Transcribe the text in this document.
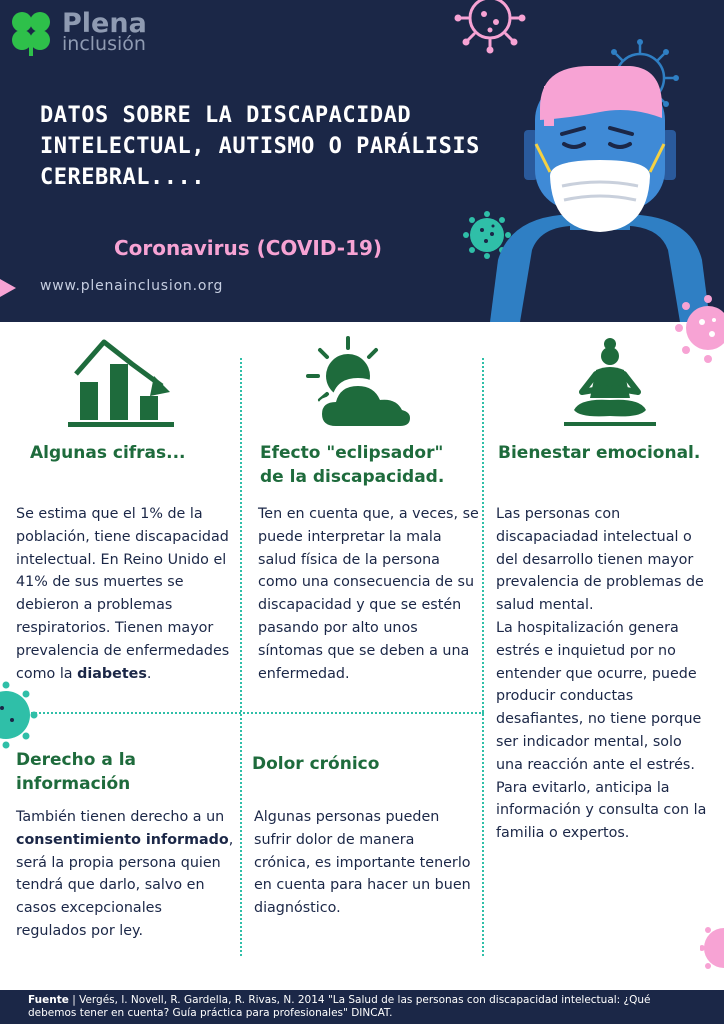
Plena
inclusión
DATOS SOBRE LA DISCAPACIDAD INTELECTUAL, AUTISMO O PARÁLISIS CEREBRAL....
Coronavirus (COVID-19)
www.plenainclusion.org
Algunas cifras...

Se estima que el 1% de la población, tiene discapacidad intelectual. En Reino Unido el 41% de sus muertes se debieron a problemas respiratorios. Tienen mayor prevalencia de enfermedades como la diabetes.

Derecho a la información

También tienen derecho a un consentimiento informado, será la propia persona quien tendrá que darlo, salvo en casos excepcionales regulados por ley.

Efecto "eclipsador" de la discapacidad.

Ten en cuenta que, a veces, se puede interpretar la mala salud física de la persona como una consecuencia de su discapacidad y que se estén pasando por alto unos síntomas que se deben a una enfermedad.

Dolor crónico

Algunas personas pueden sufrir dolor de manera crónica, es importante tenerlo en cuenta para hacer un buen diagnóstico.

Bienestar emocional.
Las personas con discapaciadad intelectual o del desarrollo tienen mayor prevalencia de problemas de salud mental.
La hospitalización genera estrés e inquietud por no entender que ocurre, puede producir conductas desafiantes, no tiene porque ser indicador mental, solo una reacción ante el estrés.
Para evitarlo, anticipa la información y consulta con la familia o expertos.
Fuente | Vergés, l. Novell, R. Gardella, R. Rivas, N. 2014 "La Salud de las personas con discapacidad intelectual: ¿Qué debemos tener en cuenta? Guía práctica para profesionales" DINCAT.
